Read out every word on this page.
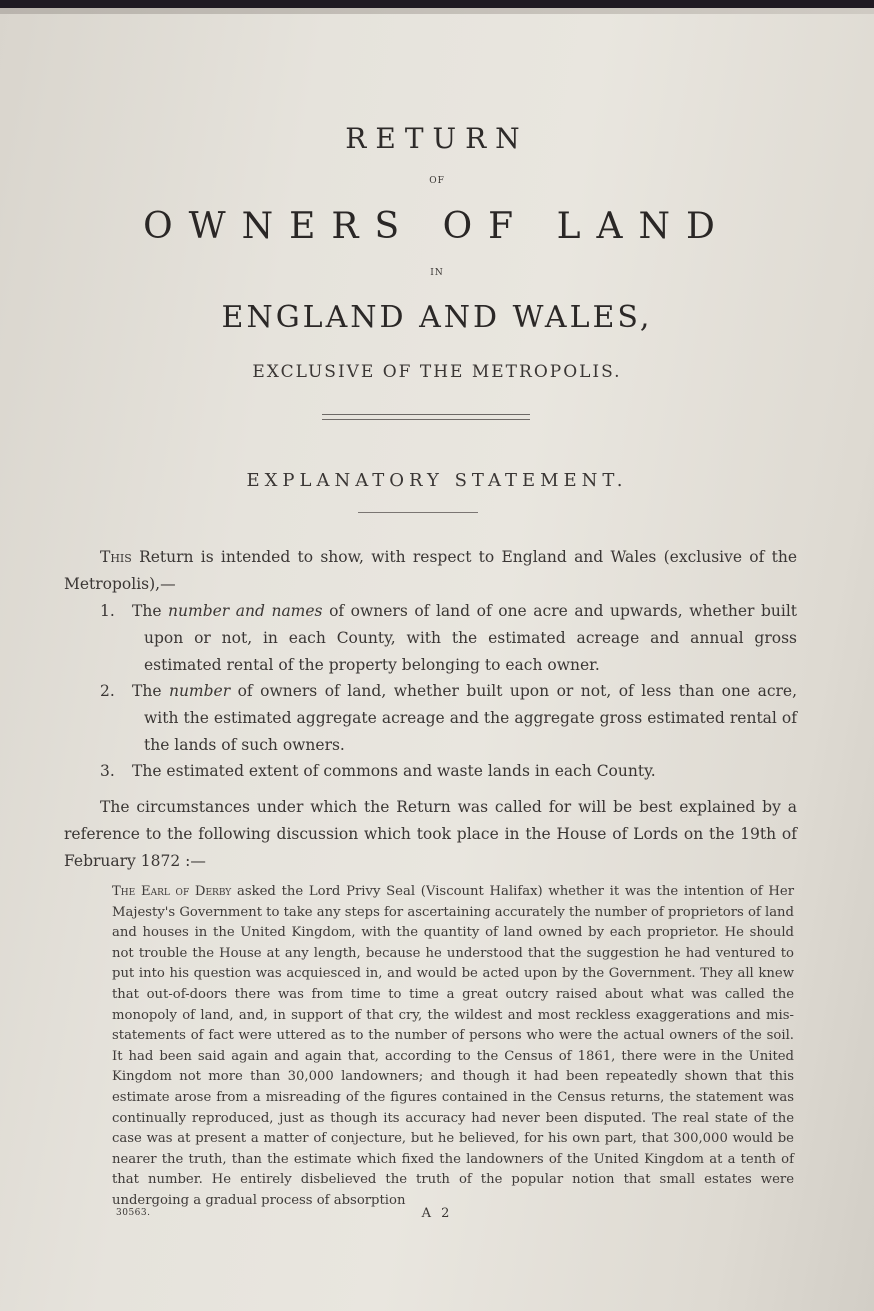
RETURN
OF
OWNERS OF LAND
IN
ENGLAND AND WALES,
EXCLUSIVE OF THE METROPOLIS.
EXPLANATORY STATEMENT.
This Return is intended to show, with respect to England and Wales (exclusive of the Metropolis),—
1.	The number and names of owners of land of one acre and upwards, whether built upon or not, in each County, with the estimated acreage and annual gross estimated rental of the property belonging to each owner.
2.	The number of owners of land, whether built upon or not, of less than one acre, with the estimated aggregate acreage and the aggregate gross estimated rental of the lands of such owners.
3.	The estimated extent of commons and waste lands in each County.
The circumstances under which the Return was called for will be best explained by a reference to the following discussion which took place in the House of Lords on the 19th of February 1872 :—
The Earl of Derby asked the Lord Privy Seal (Viscount Halifax) whether it was the intention of Her Majesty's Government to take any steps for ascertaining accurately the number of proprietors of land and houses in the United Kingdom, with the quantity of land owned by each proprietor. He should not trouble the House at any length, because he understood that the suggestion he had ventured to put into his question was acquiesced in, and would be acted upon by the Government. They all knew that out-of-doors there was from time to time a great outcry raised about what was called the monopoly of land, and, in support of that cry, the wildest and most reckless exaggerations and mis-statements of fact were uttered as to the number of persons who were the actual owners of the soil. It had been said again and again that, according to the Census of 1861, there were in the United Kingdom not more than 30,000 landowners; and though it had been repeatedly shown that this estimate arose from a misreading of the figures contained in the Census returns, the statement was continually reproduced, just as though its accuracy had never been disputed. The real state of the case was at present a matter of conjecture, but he believed, for his own part, that 300,000 would be nearer the truth, than the estimate which fixed the landowners of the United Kingdom at a tenth of that number. He entirely disbelieved the truth of the popular notion that small estates were undergoing a gradual process of absorption
30563.	A 2
